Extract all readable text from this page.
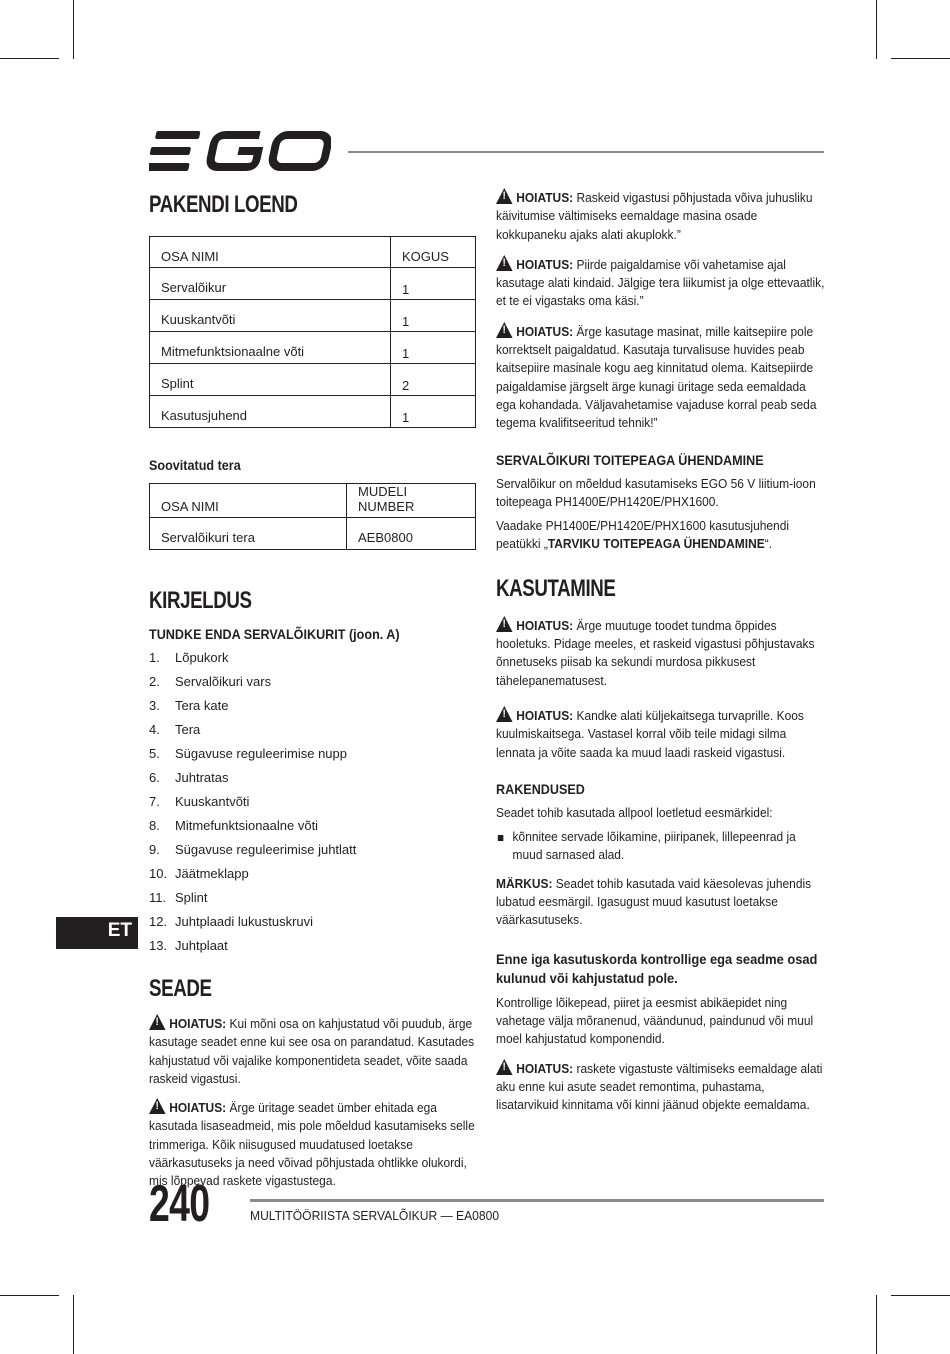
PAKENDI LOEND
OSA NIMI	KOGUS
Servalõikur	1
Kuuskantvõti	1
Mitmefunktsionaalne võti	1
Splint	2
Kasutusjuhend	1
Soovitatud tera
OSA NIMI	MUDELI NUMBER
Servalõikuri tera	AEB0800
KIRJELDUS
TUNDKE ENDA SERVALÕIKURIT (joon. A)
1.	Lõpukork
2.	Servalõikuri vars
3.	Tera kate
4.	Tera
5.	Sügavuse reguleerimise nupp
6.	Juhtratas
7.	Kuuskantvõti
8.	Mitmefunktsionaalne võti
9.	Sügavuse reguleerimise juhtlatt
10. Jäätmeklapp
11. Splint
12. Juhtplaadi lukustuskruvi
13. Juhtplaat
SEADE
!HOIATUS: Kui mõni osa on kahjustatud või puudub, ärge kasutage seadet enne kui see osa on parandatud. Kasutades kahjustatud või vajalike komponentideta seadet, võite saada raskeid vigastusi.
!HOIATUS: Ärge üritage seadet ümber ehitada ega kasutada lisaseadmeid, mis pole mõeldud kasutamiseks selle trimmeriga. Kõik niisugused muudatused loetakse väärkasutuseks ja need võivad põhjustada ohtlikke olukordi, mis lõppevad raskete vigastustega.
!HOIATUS: Raskeid vigastusi põhjustada võiva juhusliku käivitumise vältimiseks eemaldage masina osade kokkupaneku ajaks alati akuplokk.”
!HOIATUS: Piirde paigaldamise või vahetamise ajal kasutage alati kindaid. Jälgige tera liikumist ja olge ettevaatlik, et te ei vigastaks oma käsi.”
!HOIATUS: Ärge kasutage masinat, mille kaitsepiire pole korrektselt paigaldatud. Kasutaja turvalisuse huvides peab kaitsepiire masinale kogu aeg kinnitatud olema. Kaitsepiirde paigaldamise järgselt ärge kunagi üritage seda eemaldada ega kohandada. Väljavahetamise vajaduse korral peab seda tegema kvalifitseeritud tehnik!”
SERVALÕIKURI TOITEPEAGA ÜHENDAMINE
Servalõikur on mõeldud kasutamiseks EGO 56 V liitium-ioon toitepeaga PH1400E/PH1420E/PHX1600.
Vaadake PH1400E/PH1420E/PHX1600 kasutusjuhendi peatükki „TARVIKU TOITEPEAGA ÜHENDAMINE“.
KASUTAMINE
!HOIATUS: Ärge muutuge toodet tundma õppides hooletuks. Pidage meeles, et raskeid vigastusi põhjustavaks õnnetuseks piisab ka sekundi murdosa pikkusest tähelepanematusest.
!HOIATUS: Kandke alati küljekaitsega turvaprille. Koos kuulmiskaitsega. Vastasel korral võib teile midagi silma lennata ja võite saada ka muud laadi raskeid vigastusi.
RAKENDUSED
Seadet tohib kasutada allpool loetletud eesmärkidel:
kõnnitee servade lõikamine, piiripanek, lillepeenrad ja muud sarnased alad.
MÄRKUS: Seadet tohib kasutada vaid käesolevas juhendis lubatud eesmärgil. Igasugust muud kasutust loetakse väärkasutuseks.
Enne iga kasutuskorda kontrollige ega seadme osad kulunud või kahjustatud pole.
Kontrollige lõikepead, piiret ja eesmist abikäepidet ning vahetage välja mõranenud, väändunud, paindunud või muul moel kahjustatud komponendid.
!HOIATUS: raskete vigastuste vältimiseks eemaldage alati aku enne kui asute seadet remontima, puhastama, lisatarvikuid kinnitama või kinni jäänud objekte eemaldama.
ET
240	MULTITÖÖRIISTA SERVALÕIKUR — EA0800
